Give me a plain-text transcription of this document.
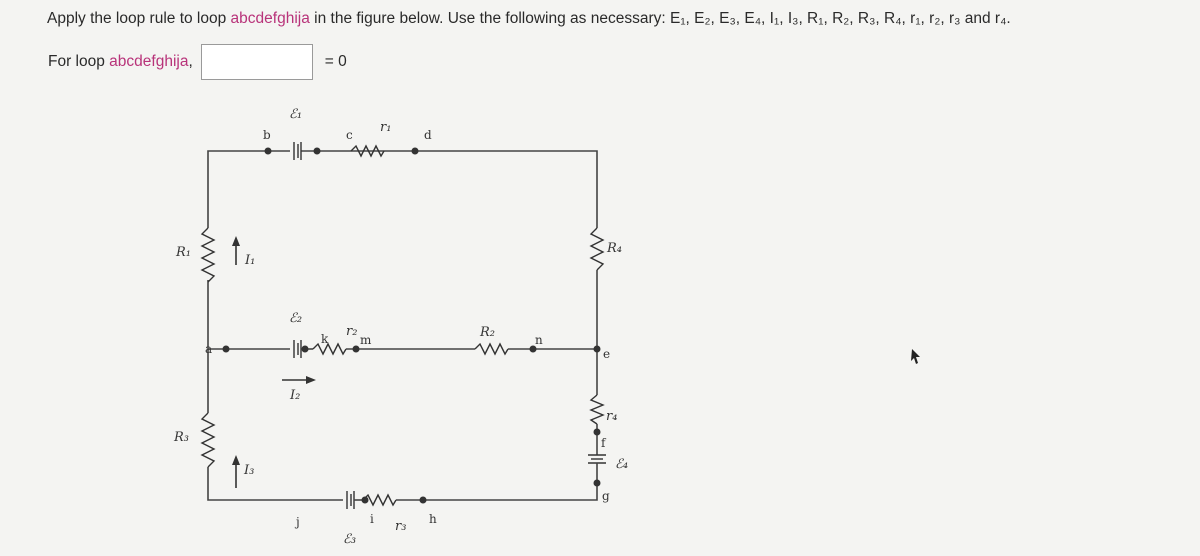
Apply the loop rule to loop abcdefghija in the figure below. Use the following as necessary: E₁, E₂, E₃, E₄, I₁, I₃, R₁, R₂, R₃, R₄, r₁, r₂, r₃ and r₄.
For loop abcdefghija,	= 0
b	c	d
a
k	m	n
e
f
g
h
i
j
ℰ₁
r₁
R₁
I₁
ℰ₂
r₂	R₂
R₄
I₂
R₃
I₃
r₄
ℰ₄
r₃
ℰ₃
